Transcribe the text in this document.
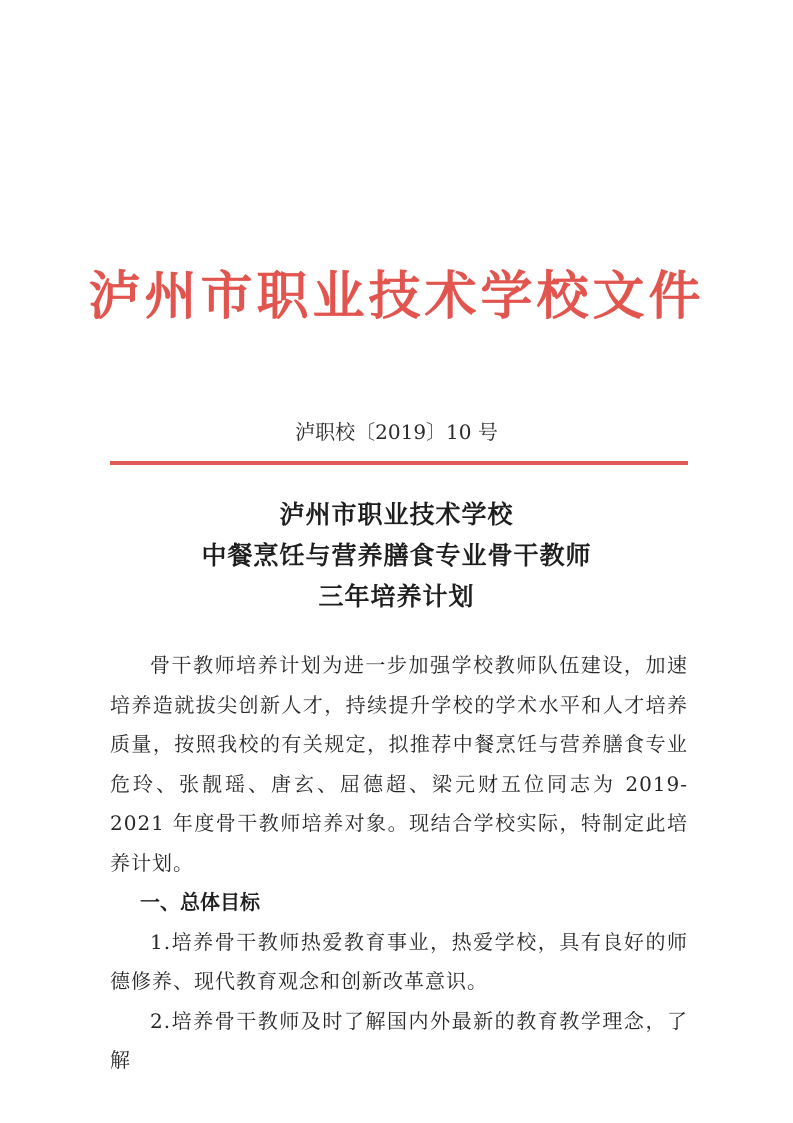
泸州市职业技术学校文件
泸职校〔2019〕10 号
泸州市职业技术学校
中餐烹饪与营养膳食专业骨干教师
三年培养计划

骨干教师培养计划为进一步加强学校教师队伍建设，加速培养造就拔尖创新人才，持续提升学校的学术水平和人才培养质量，按照我校的有关规定，拟推荐中餐烹饪与营养膳食专业危玲、张靓瑶、唐玄、屈德超、梁元财五位同志为 2019-2021 年度骨干教师培养对象。现结合学校实际，特制定此培养计划。

一、总体目标

1.培养骨干教师热爱教育事业，热爱学校，具有良好的师德修养、现代教育观念和创新改革意识。

2.培养骨干教师及时了解国内外最新的教育教学理念，了解
